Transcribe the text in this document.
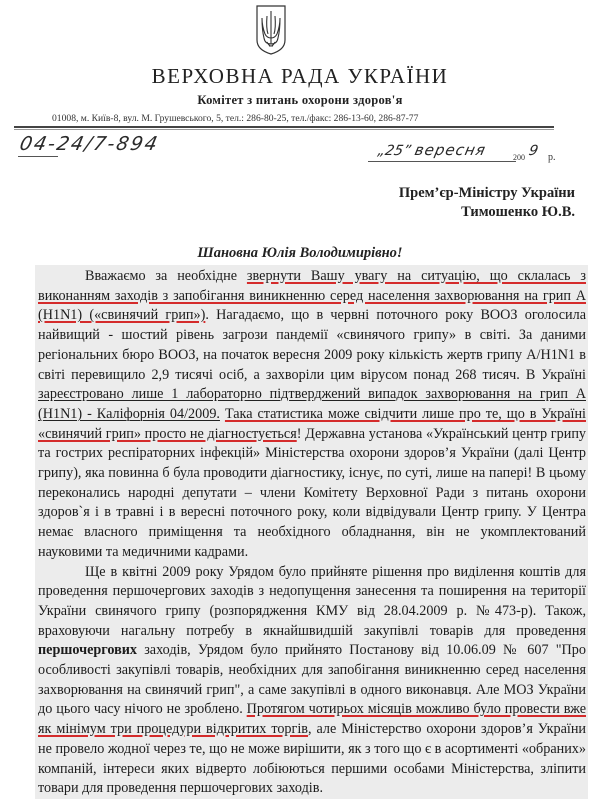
ВЕРХОВНА РАДА УКРАЇНИ
Комітет з питань охорони здоров'я
01008, м. Київ-8, вул. М. Грушевського, 5, тел.: 286-80-25, тел./факс: 286-13-60, 286-87-77
04-24/7-894	„25” вересня	200 9 р.
Прем’єр-Міністру України
Тимошенко Ю.В.
Шановна Юлія Володимирівно!

Вважаємо за необхідне звернути Вашу увагу на ситуацію, що склалась з виконанням заходів з запобігання виникненню серед населення захворювання на грип А (H1N1) («свинячий грип»). Нагадаємо, що в червні поточного року ВООЗ оголосила найвищий - шостий рівень загрози пандемії «свинячого грипу» в світі. За даними регіональних бюро ВООЗ, на початок вересня 2009 року кількість жертв грипу А/H1N1 в світі перевищило 2,9 тисячі осіб, а захворіли цим вірусом понад 268 тисяч. В Україні зареєстровано лише 1 лабораторно підтверджений випадок захворювання на грип А (H1N1) - Каліфорнія 04/2009. Така статистика може свідчити лише про те, що в Україні «свинячий грип» просто не діагностується! Державна установа «Український центр грипу та гострих респіраторних інфекцій» Міністерства охорони здоров’я України (далі Центр грипу), яка повинна б була проводити діагностику, існує, по суті, лише на папері! В цьому переконались народні депутати – члени Комітету Верховної Ради з питань охорони здоров`я і в травні і в вересні поточного року, коли відвідували Центр грипу. У Центра немає власного приміщення та необхідного обладнання, він не укомплектований науковими та медичними кадрами.

Ще в квітні 2009 року Урядом було прийняте рішення про виділення коштів для проведення першочергових заходів з недопущення занесення та поширення на території України свинячого грипу (розпорядження КМУ від 28.04.2009 р. №473-р). Також, враховуючи нагальну потребу в якнайшвидшій закупівлі товарів для проведення першочергових заходів, Урядом було прийнято Постанову від 10.06.09 № 607 "Про особливості закупівлі товарів, необхідних для запобігання виникненню серед населення захворювання на свинячий грип", а саме закупівлі в одного виконавця. Але МОЗ України до цього часу нічого не зроблено. Протягом чотирьох місяців можливо було провести вже як мінімум три процедури відкритих торгів, але Міністерство охорони здоров’я України не провело жодної через те, що не може вирішити, як з того що є в асортименті «обраних» компаній, інтереси яких відверто лобіюються першими особами Міністерства, зліпити товари для проведення першочергових заходів.
